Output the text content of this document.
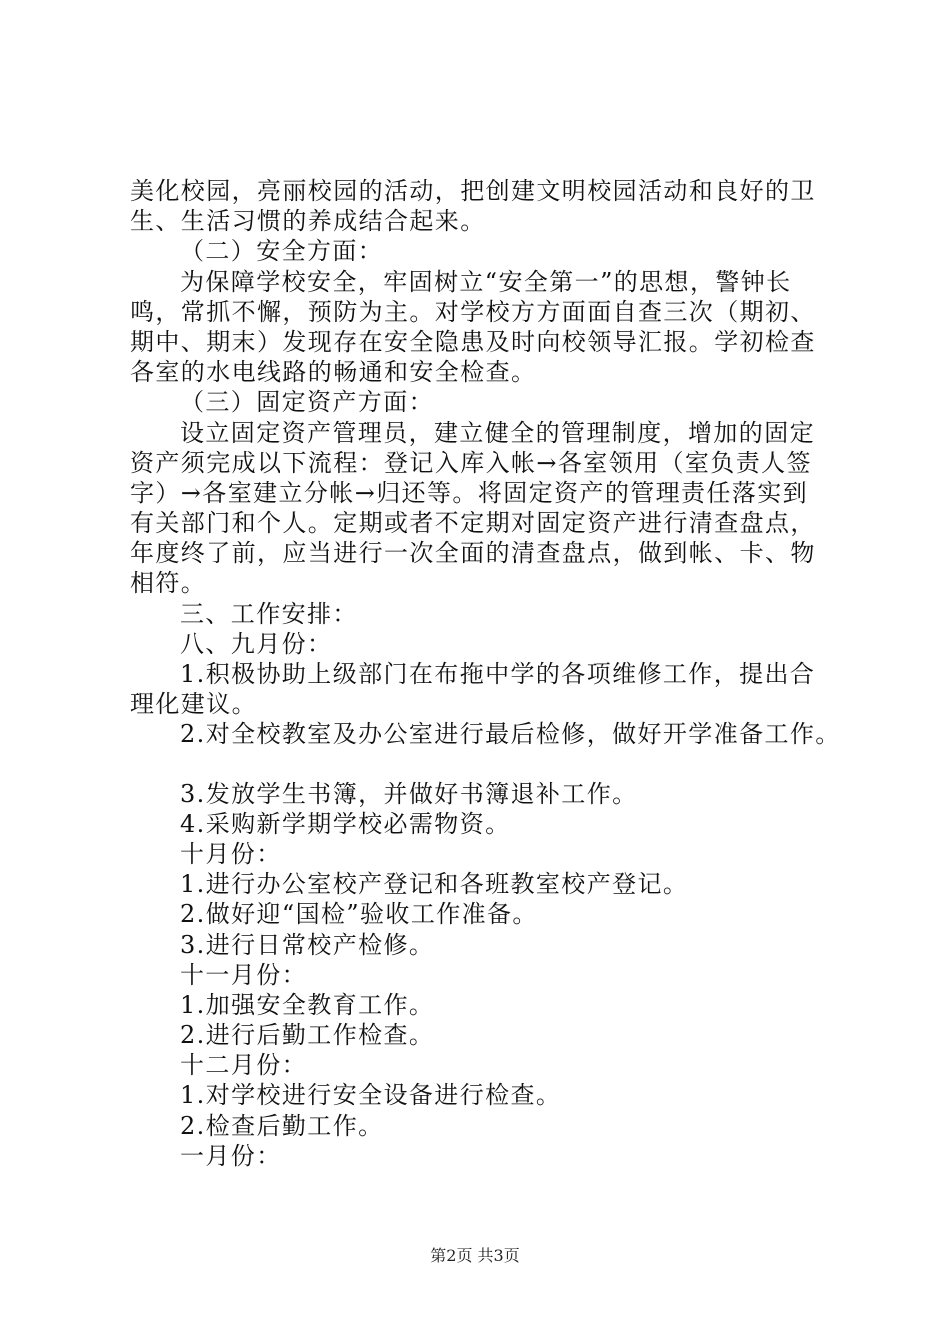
美化校园，亮丽校园的活动，把创建文明校园活动和良好的卫
生、生活习惯的养成结合起来。
（二）安全方面：
为保障学校安全，牢固树立“安全第一”的思想，警钟长
鸣，常抓不懈，预防为主。对学校方方面面自查三次（期初、
期中、期末）发现存在安全隐患及时向校领导汇报。学初检查
各室的水电线路的畅通和安全检查。
（三）固定资产方面：
设立固定资产管理员，建立健全的管理制度，增加的固定
资产须完成以下流程：登记入库入帐→各室领用（室负责人签
字）→各室建立分帐→归还等。将固定资产的管理责任落实到
有关部门和个人。定期或者不定期对固定资产进行清查盘点，
年度终了前，应当进行一次全面的清查盘点，做到帐、卡、物
相符。
三、工作安排：
八、九月份：
1.积极协助上级部门在布拖中学的各项维修工作，提出合
理化建议。
2.对全校教室及办公室进行最后检修，做好开学准备工作。
3.发放学生书簿，并做好书簿退补工作。
4.采购新学期学校必需物资。
十月份：
1.进行办公室校产登记和各班教室校产登记。
2.做好迎“国检”验收工作准备。
3.进行日常校产检修。
十一月份：
1.加强安全教育工作。
2.进行后勤工作检查。
十二月份：
1.对学校进行安全设备进行检查。
2.检查后勤工作。
一月份：
第2页 共3页
